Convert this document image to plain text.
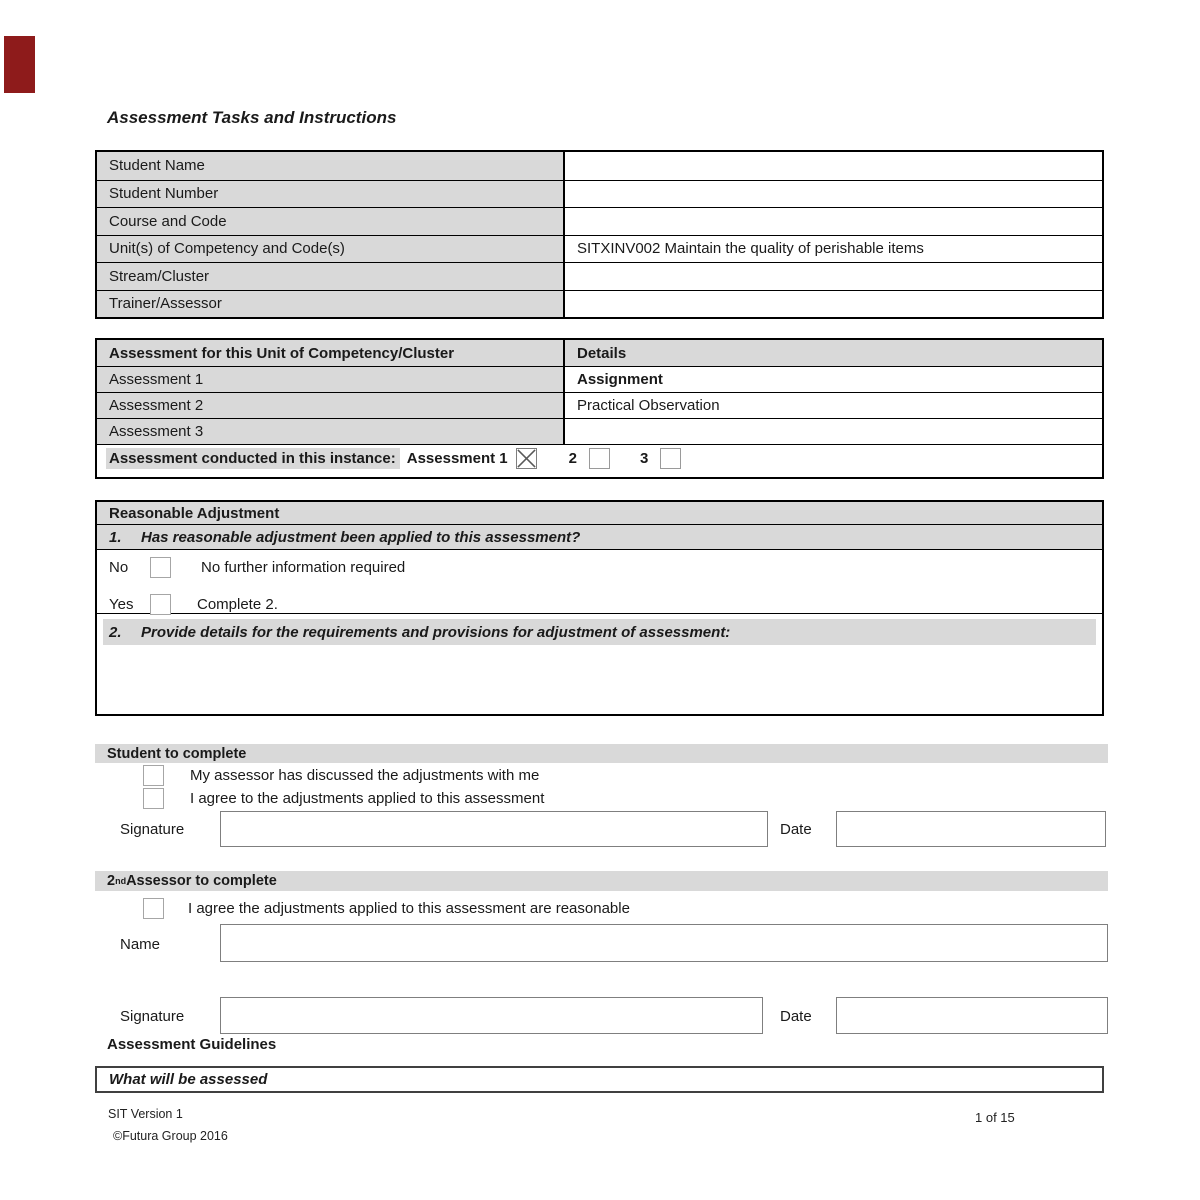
Assessment Tasks and Instructions
Student Name
Student Number
Course and Code
Unit(s) of Competency and Code(s)	SITXINV002 Maintain the quality of perishable items
Stream/Cluster
Trainer/Assessor
Assessment for this Unit of Competency/Cluster	Details
Assessment 1	Assignment
Assessment 2	Practical Observation
Assessment 3
Assessment conducted in this instance: Assessment 1	2	3
Reasonable Adjustment
1.	Has reasonable adjustment been applied to this assessment?
No	No further information required
Yes	Complete 2.
2.	Provide details for the requirements and provisions for adjustment of assessment:
Student to complete
My assessor has discussed the adjustments with me
I agree to the adjustments applied to this assessment
Signature	Date
2 nd Assessor to complete
I agree the adjustments applied to this assessment are reasonable
Name
Signature	Date
Assessment Guidelines
What will be assessed
SIT Version 1
©Futura Group 2016
1 of 15
